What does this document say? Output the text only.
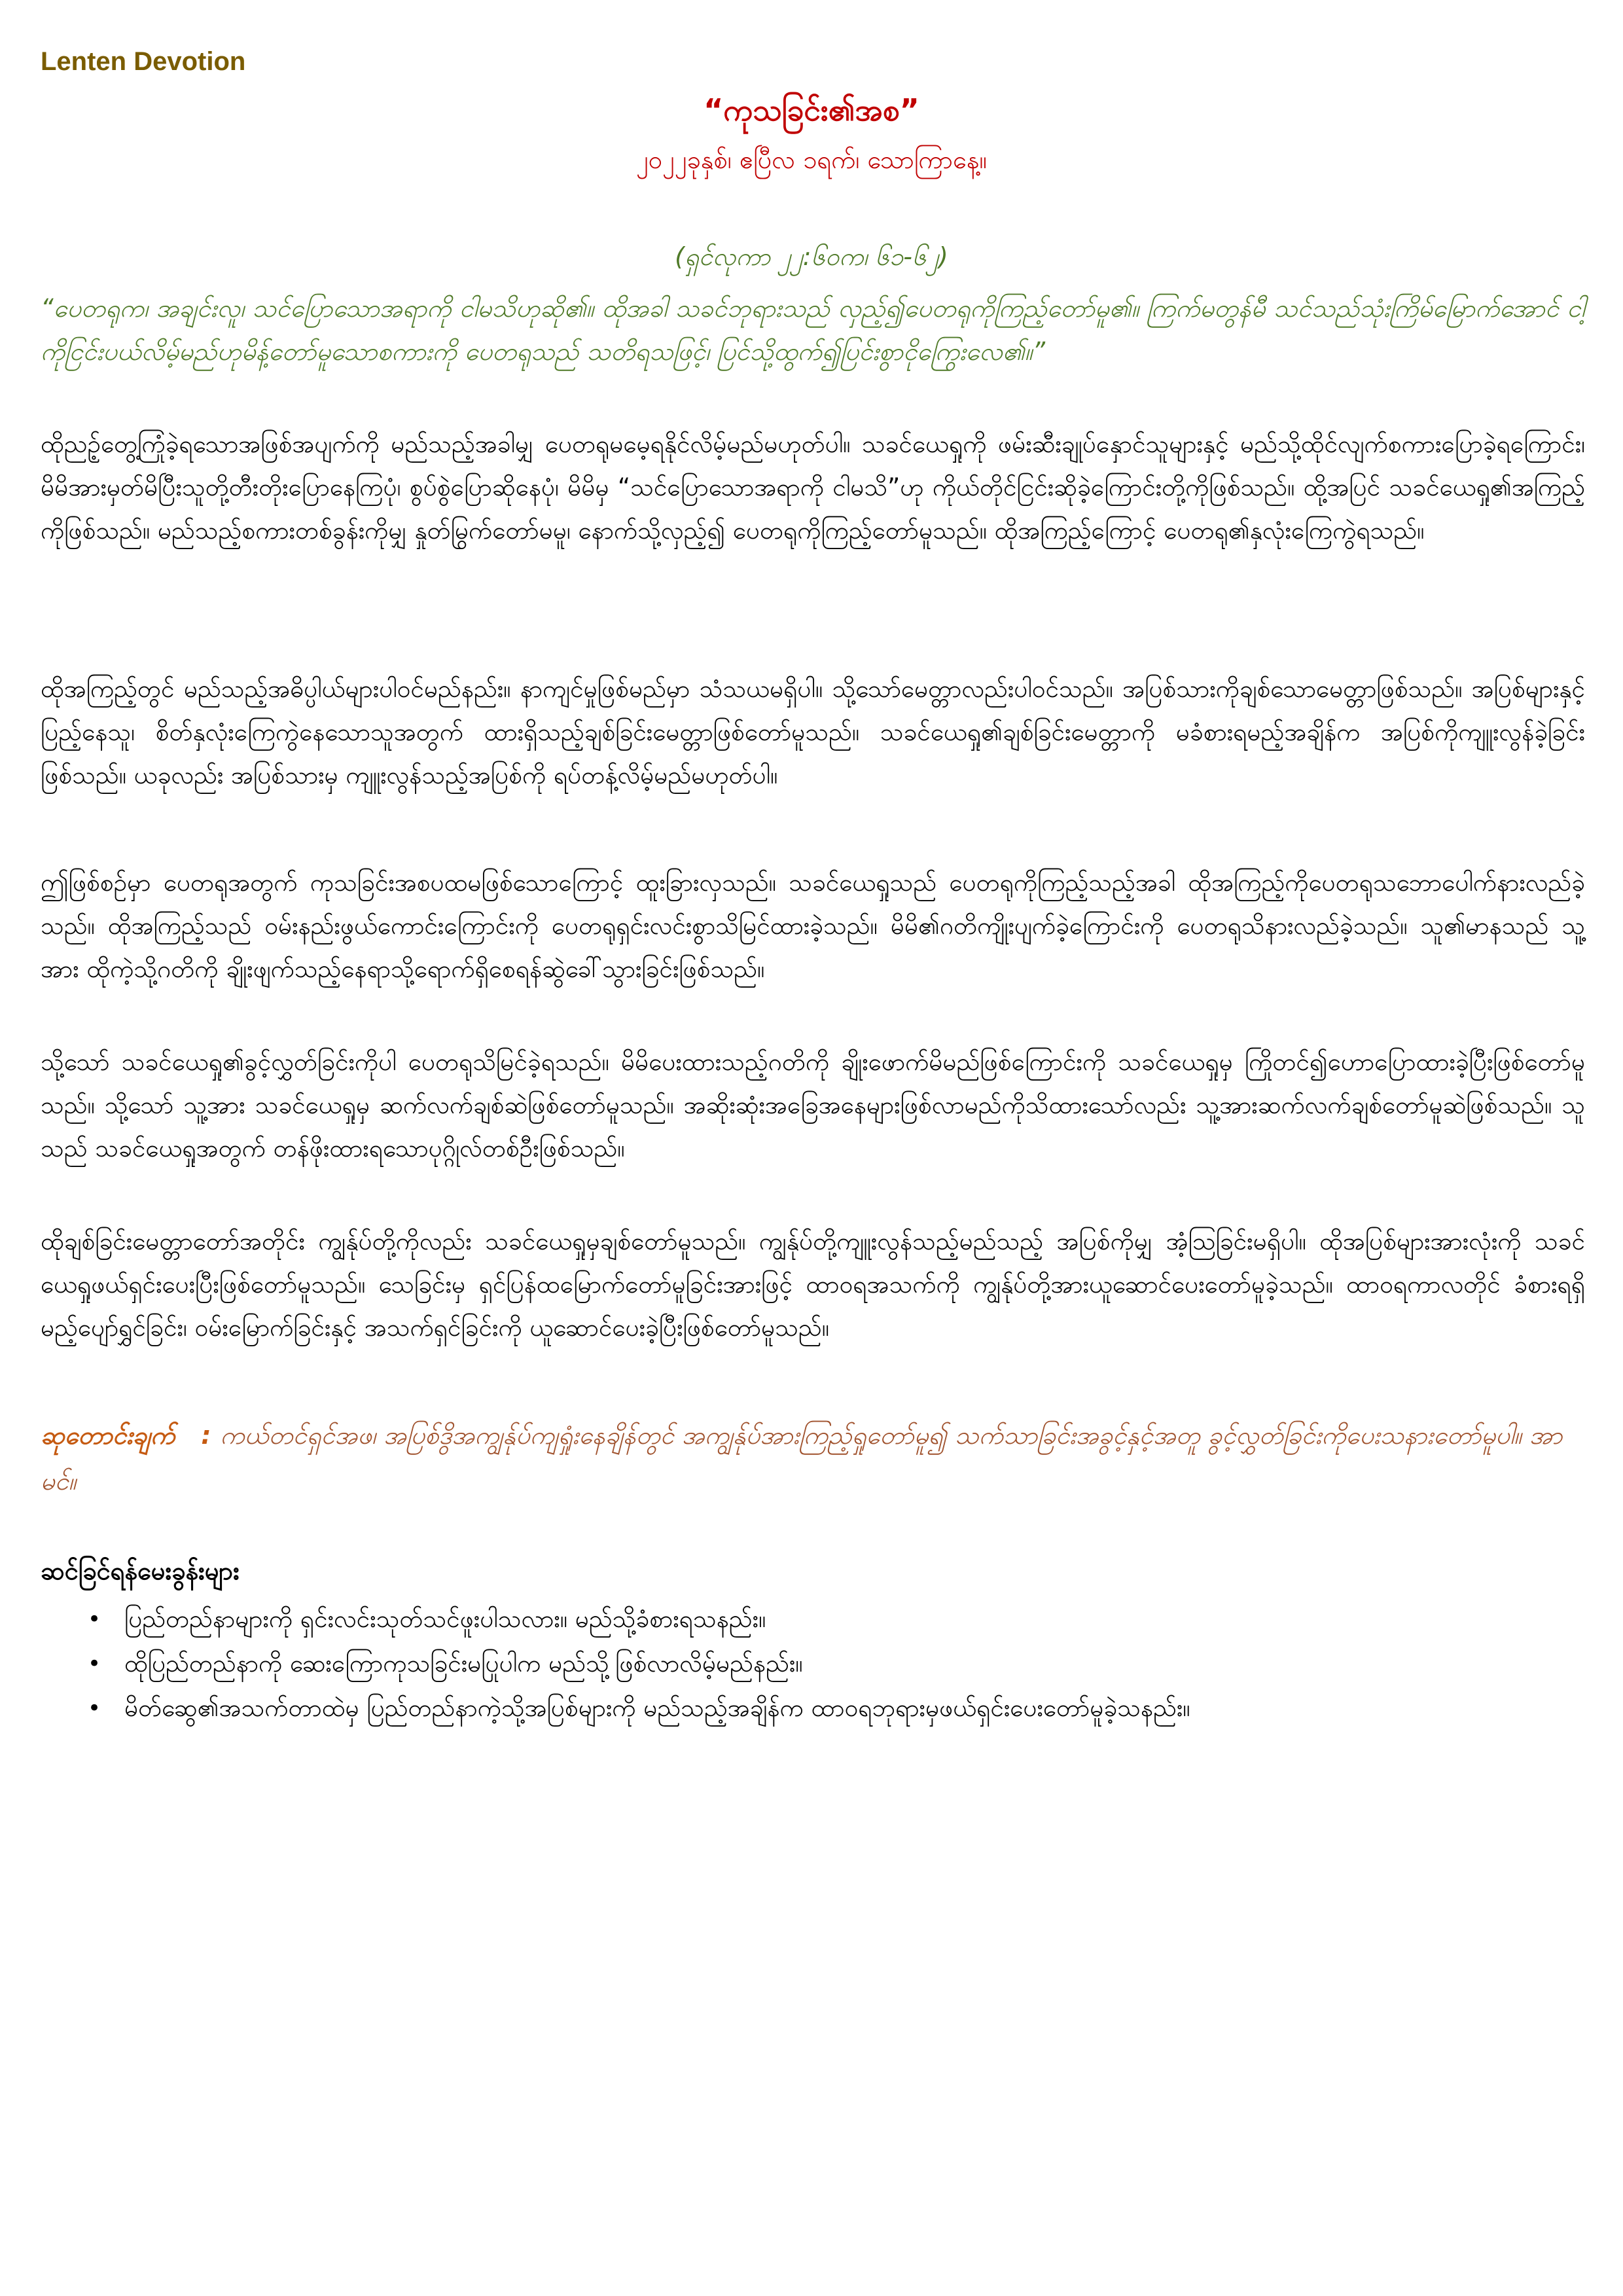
Lenten Devotion
“ကုသခြင်း၏အစ”
၂၀၂၂ခုနှစ်၊ ဧပြီလ ၁ရက်၊ သောကြာနေ့။
(ရှင်လုကာ ၂၂:၆၀က၊ ၆၁-၆၂)
“ပေတရုက၊ အချင်းလူ၊ သင်ပြောသောအရာကို ငါမသိဟုဆို၏။ ထိုအခါ သခင်ဘုရားသည် လှည့်၍ပေတရုကိုကြည့်တော်မူ၏။ ကြက်မတွန်မီ သင်သည်သုံးကြိမ်မြောက်အောင် ငါ့ကိုငြင်းပယ်လိမ့်မည်ဟုမိန့်တော်မူသောစကားကို ပေတရုသည် သတိရသဖြင့်၊ ပြင်သို့ထွက်၍ပြင်းစွာငိုကြွေးလေ၏။”
ထိုညဥ့်တွေ့ကြုံခဲ့ရသောအဖြစ်အပျက်ကို မည်သည့်အခါမျှ ပေတရုမမေ့ရနိုင်လိမ့်မည်မဟုတ်ပါ။ သခင်ယေရှုကို ဖမ်းဆီးချုပ်နှောင်သူများနှင့် မည်သို့ထိုင်လျက်စကားပြောခဲ့ရကြောင်း၊ မိမိအားမှတ်မိပြီးသူတို့တီးတိုးပြောနေကြပုံ၊ စွပ်စွဲပြောဆိုနေပုံ၊ မိမိမှ “သင်ပြောသောအရာကို ငါမသိ”ဟု ကိုယ်တိုင်ငြင်းဆိုခဲ့ကြောင်းတို့ကိုဖြစ်သည်။ ထို့အပြင် သခင်ယေရှု၏အကြည့်ကိုဖြစ်သည်။ မည်သည့်စကားတစ်ခွန်းကိုမျှ နှုတ်မြွက်တော်မမူ၊ နောက်သို့လှည့်၍ ပေတရုကိုကြည့်တော်မူသည်။ ထိုအကြည့်ကြောင့် ပေတရု၏နှလုံးကြေကွဲရသည်။
ထိုအကြည့်တွင် မည်သည့်အဓိပ္ပါယ်များပါဝင်မည်နည်း။ နာကျင်မှုဖြစ်မည်မှာ သံသယမရှိပါ။ သို့သော်မေတ္တာလည်းပါဝင်သည်။ အပြစ်သားကိုချစ်သောမေတ္တာဖြစ်သည်။ အပြစ်များနှင့်ပြည့်နေသူ၊ စိတ်နှလုံးကြေကွဲနေသောသူအတွက် ထားရှိသည့်ချစ်ခြင်းမေတ္တာဖြစ်တော်မူသည်။ သခင်ယေရှု၏ချစ်ခြင်းမေတ္တာကို မခံစားရမည့်အချိန်က အပြစ်ကိုကျူးလွန်ခဲ့ခြင်းဖြစ်သည်။ ယခုလည်း အပြစ်သားမှ ကျူးလွန်သည့်အပြစ်ကို ရပ်တန့်လိမ့်မည်မဟုတ်ပါ။
ဤဖြစ်စဉ်မှာ ပေတရုအတွက် ကုသခြင်းအစပထမဖြစ်သောကြောင့် ထူးခြားလှသည်။ သခင်ယေရှုသည် ပေတရုကိုကြည့်သည့်အခါ ထိုအကြည့်ကိုပေတရုသဘောပေါက်နားလည်ခဲ့သည်။ ထိုအကြည့်သည် ဝမ်းနည်းဖွယ်ကောင်းကြောင်းကို ပေတရုရှင်းလင်းစွာသိမြင်ထားခဲ့သည်။ မိမိ၏ဂတိကျိုးပျက်ခဲ့ကြောင်းကို ပေတရုသိနားလည်ခဲ့သည်။ သူ၏မာနသည် သူ့အား ထိုကဲ့သို့ဂတိကို ချိုးဖျက်သည့်နေရာသို့ရောက်ရှိစေရန်ဆွဲခေါ်သွားခြင်းဖြစ်သည်။
သို့သော် သခင်ယေရှု၏ခွင့်လွှတ်ခြင်းကိုပါ ပေတရုသိမြင်ခဲ့ရသည်။ မိမိပေးထားသည့်ဂတိကို ချိုးဖောက်မိမည်ဖြစ်ကြောင်းကို သခင်ယေရှုမှ ကြိုတင်၍ဟောပြောထားခဲ့ပြီးဖြစ်တော်မူသည်။ သို့သော် သူ့အား သခင်ယေရှုမှ ဆက်လက်ချစ်ဆဲဖြစ်တော်မူသည်။ အဆိုးဆုံးအခြေအနေများဖြစ်လာမည်ကိုသိထားသော်လည်း သူ့အားဆက်လက်ချစ်တော်မူဆဲဖြစ်သည်။ သူသည် သခင်ယေရှုအတွက် တန်ဖိုးထားရသောပုဂ္ဂိုလ်တစ်ဦးဖြစ်သည်။
ထိုချစ်ခြင်းမေတ္တာတော်အတိုင်း ကျွန်ုပ်တို့ကိုလည်း သခင်ယေရှုမှချစ်တော်မူသည်။ ကျွန်ုပ်တို့ကျူးလွန်သည့်မည်သည့် အပြစ်ကိုမျှ အံ့သြခြင်းမရှိပါ။ ထိုအပြစ်များအားလုံးကို သခင်ယေရှုဖယ်ရှင်းပေးပြီးဖြစ်တော်မူသည်။ သေခြင်းမှ ရှင်ပြန်ထမြောက်တော်မူခြင်းအားဖြင့် ထာဝရအသက်ကို ကျွန်ုပ်တို့အားယူဆောင်ပေးတော်မူခဲ့သည်။ ထာဝရကာလတိုင် ခံစားရရှိမည့်ပျော်ရွှင်ခြင်း၊ ဝမ်းမြောက်ခြင်းနှင့် အသက်ရှင်ခြင်းကို ယူဆောင်ပေးခဲ့ပြီးဖြစ်တော်မူသည်။
ဆုတောင်းချက် : ကယ်တင်ရှင်အဖ၊ အပြစ်ဒွိအကျွန်ုပ်ကျရှုံးနေချိန်တွင် အကျွန်ုပ်အားကြည့်ရှုတော်မူ၍ သက်သာခြင်းအခွင့်နှင့်အတူ ခွင့်လွှတ်ခြင်းကိုပေးသနားတော်မူပါ။ အာမင်။
ဆင်ခြင်ရန်မေးခွန်းများ
• ပြည်တည်နာများကို ရှင်းလင်းသုတ်သင်ဖူးပါသလား။ မည်သို့ခံစားရသနည်း။
• ထိုပြည်တည်နာကို ဆေးကြောကုသခြင်းမပြုပါက မည်သို့ဖြစ်လာလိမ့်မည်နည်း။
• မိတ်ဆွေ၏အသက်တာထဲမှ ပြည်တည်နာကဲ့သို့အပြစ်များကို မည်သည့်အချိန်က ထာဝရဘုရားမှဖယ်ရှင်းပေးတော်မူခဲ့သနည်း။
